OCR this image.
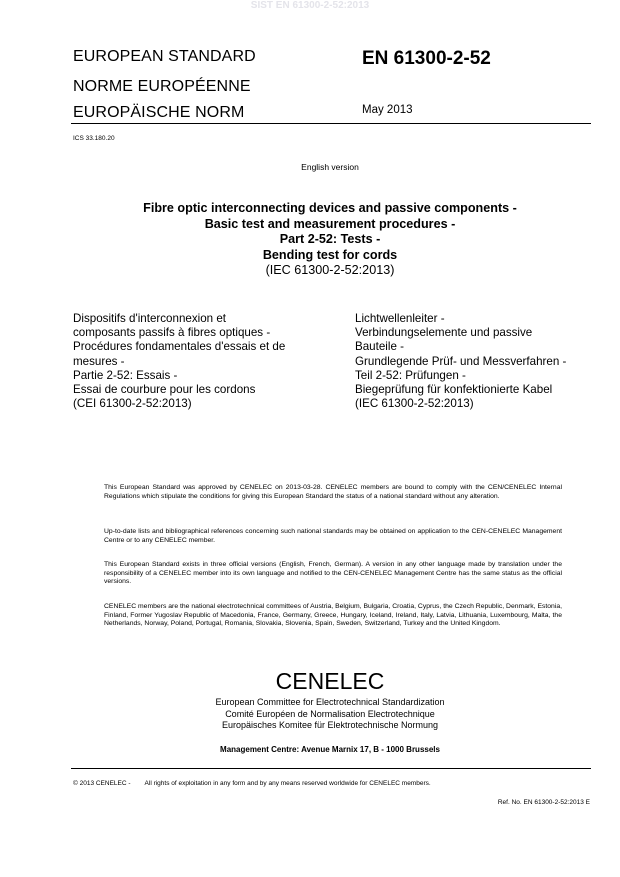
SIST EN 61300-2-52:2013
EUROPEAN STANDARD
NORME EUROPÉENNE
EUROPÄISCHE NORM
EN 61300-2-52
May 2013
ICS 33.180.20
English version
Fibre optic interconnecting devices and passive components -
Basic test and measurement procedures -
Part 2-52: Tests -
Bending test for cords
(IEC 61300-2-52:2013)
Dispositifs d'interconnexion et
composants passifs à fibres optiques -
Procédures fondamentales d'essais et de
mesures -
Partie 2-52: Essais -
Essai de courbure pour les cordons
(CEI 61300-2-52:2013)
Lichtwellenleiter -
Verbindungselemente und passive
Bauteile -
Grundlegende Prüf- und Messverfahren -
Teil 2-52: Prüfungen -
Biegeprüfung für konfektionierte Kabel
(IEC 61300-2-52:2013)
This European Standard was approved by CENELEC on 2013-03-28. CENELEC members are bound to comply with the CEN/CENELEC Internal Regulations which stipulate the conditions for giving this European Standard the status of a national standard without any alteration.
Up-to-date lists and bibliographical references concerning such national standards may be obtained on application to the CEN-CENELEC Management Centre or to any CENELEC member.
This European Standard exists in three official versions (English, French, German). A version in any other language made by translation under the responsibility of a CENELEC member into its own language and notified to the CEN-CENELEC Management Centre has the same status as the official versions.
CENELEC members are the national electrotechnical committees of Austria, Belgium, Bulgaria, Croatia, Cyprus, the Czech Republic, Denmark, Estonia, Finland, Former Yugoslav Republic of Macedonia, France, Germany, Greece, Hungary, Iceland, Ireland, Italy, Latvia, Lithuania, Luxembourg, Malta, the Netherlands, Norway, Poland, Portugal, Romania, Slovakia, Slovenia, Spain, Sweden, Switzerland, Turkey and the United Kingdom.
CENELEC
European Committee for Electrotechnical Standardization
Comité Européen de Normalisation Electrotechnique
Europäisches Komitee für Elektrotechnische Normung
Management Centre: Avenue Marnix 17, B - 1000 Brussels
© 2013 CENELEC - All rights of exploitation in any form and by any means reserved worldwide for CENELEC members.
Ref. No. EN 61300-2-52:2013 E
